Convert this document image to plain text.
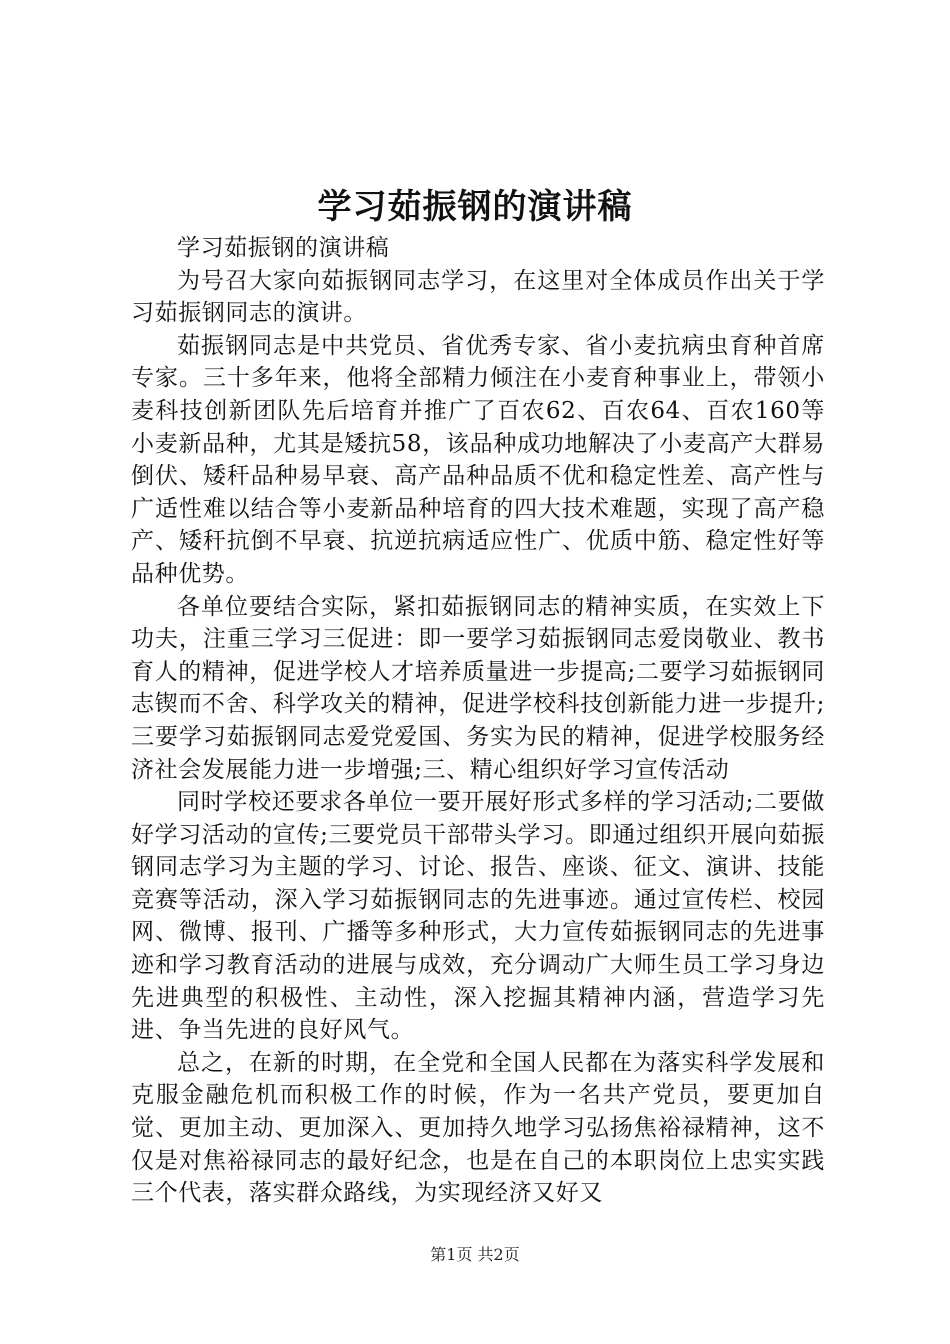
学习茹振钢的演讲稿

学习茹振钢的演讲稿

为号召大家向茹振钢同志学习，在这里对全体成员作出关于学习茹振钢同志的演讲。

茹振钢同志是中共党员、省优秀专家、省小麦抗病虫育种首席专家。三十多年来，他将全部精力倾注在小麦育种事业上，带领小麦科技创新团队先后培育并推广了百农62、百农64、百农160等小麦新品种，尤其是矮抗58，该品种成功地解决了小麦高产大群易倒伏、矮秆品种易早衰、高产品种品质不优和稳定性差、高产性与广适性难以结合等小麦新品种培育的四大技术难题，实现了高产稳产、矮秆抗倒不早衰、抗逆抗病适应性广、优质中筋、稳定性好等品种优势。

各单位要结合实际，紧扣茹振钢同志的精神实质，在实效上下功夫，注重三学习三促进：即一要学习茹振钢同志爱岗敬业、教书育人的精神，促进学校人才培养质量进一步提高;二要学习茹振钢同志锲而不舍、科学攻关的精神，促进学校科技创新能力进一步提升;三要学习茹振钢同志爱党爱国、务实为民的精神，促进学校服务经济社会发展能力进一步增强;三、精心组织好学习宣传活动

同时学校还要求各单位一要开展好形式多样的学习活动;二要做好学习活动的宣传;三要党员干部带头学习。即通过组织开展向茹振钢同志学习为主题的学习、讨论、报告、座谈、征文、演讲、技能竞赛等活动，深入学习茹振钢同志的先进事迹。通过宣传栏、校园网、微博、报刊、广播等多种形式，大力宣传茹振钢同志的先进事迹和学习教育活动的进展与成效，充分调动广大师生员工学习身边先进典型的积极性、主动性，深入挖掘其精神内涵，营造学习先进、争当先进的良好风气。

总之，在新的时期，在全党和全国人民都在为落实科学发展和克服金融危机而积极工作的时候，作为一名共产党员，要更加自觉、更加主动、更加深入、更加持久地学习弘扬焦裕禄精神，这不仅是对焦裕禄同志的最好纪念，也是在自己的本职岗位上忠实实践三个代表，落实群众路线，为实现经济又好又

第1页 共2页
